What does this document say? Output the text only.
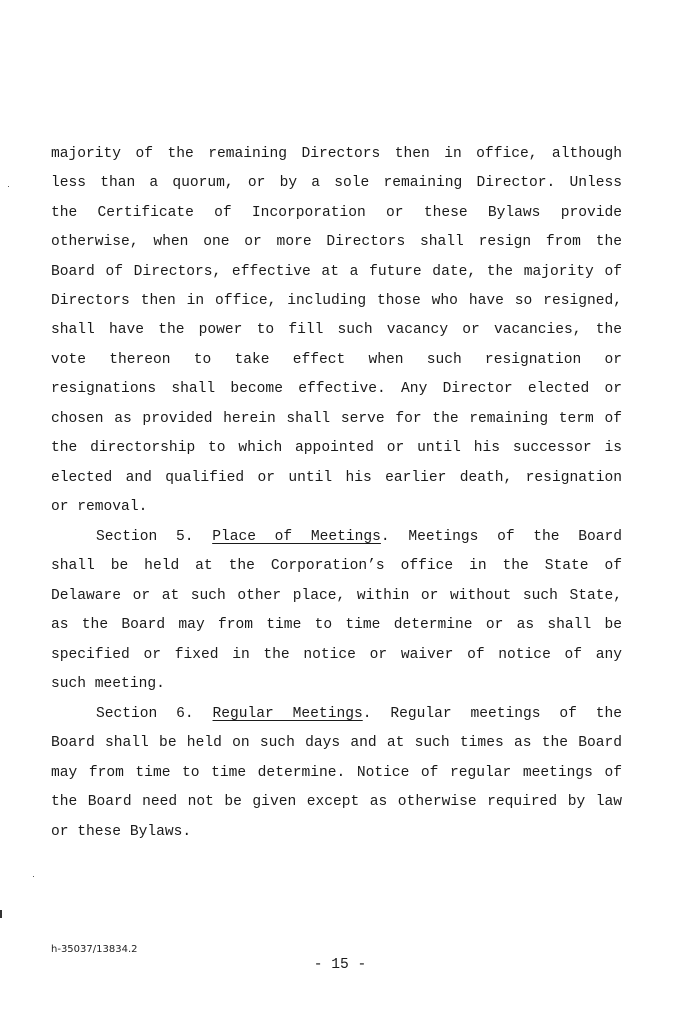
majority of the remaining Directors then in office, although
less than a quorum, or by a sole remaining Director. Unless
the Certificate of Incorporation or these Bylaws provide
otherwise, when one or more Directors shall resign from the
Board of Directors, effective at a future date, the majority of
Directors then in office, including those who have so resigned,
shall have the power to fill such vacancy or vacancies, the
vote thereon to take effect when such resignation or
resignations shall become effective. Any Director elected or
chosen as provided herein shall serve for the remaining term of
the directorship to which appointed or until his successor is
elected and qualified or until his earlier death, resignation
or removal.
Section 5. Place of Meetings. Meetings of the Board
shall be held at the Corporation’s office in the State of
Delaware or at such other place, within or without such State,
as the Board may from time to time determine or as shall be
specified or fixed in the notice or waiver of notice of any
such meeting.
Section 6. Regular Meetings. Regular meetings of the
Board shall be held on such days and at such times as the Board
may from time to time determine. Notice of regular meetings of
the Board need not be given except as otherwise required by law
or these Bylaws.
h-35037/13834.2
- 15 -
